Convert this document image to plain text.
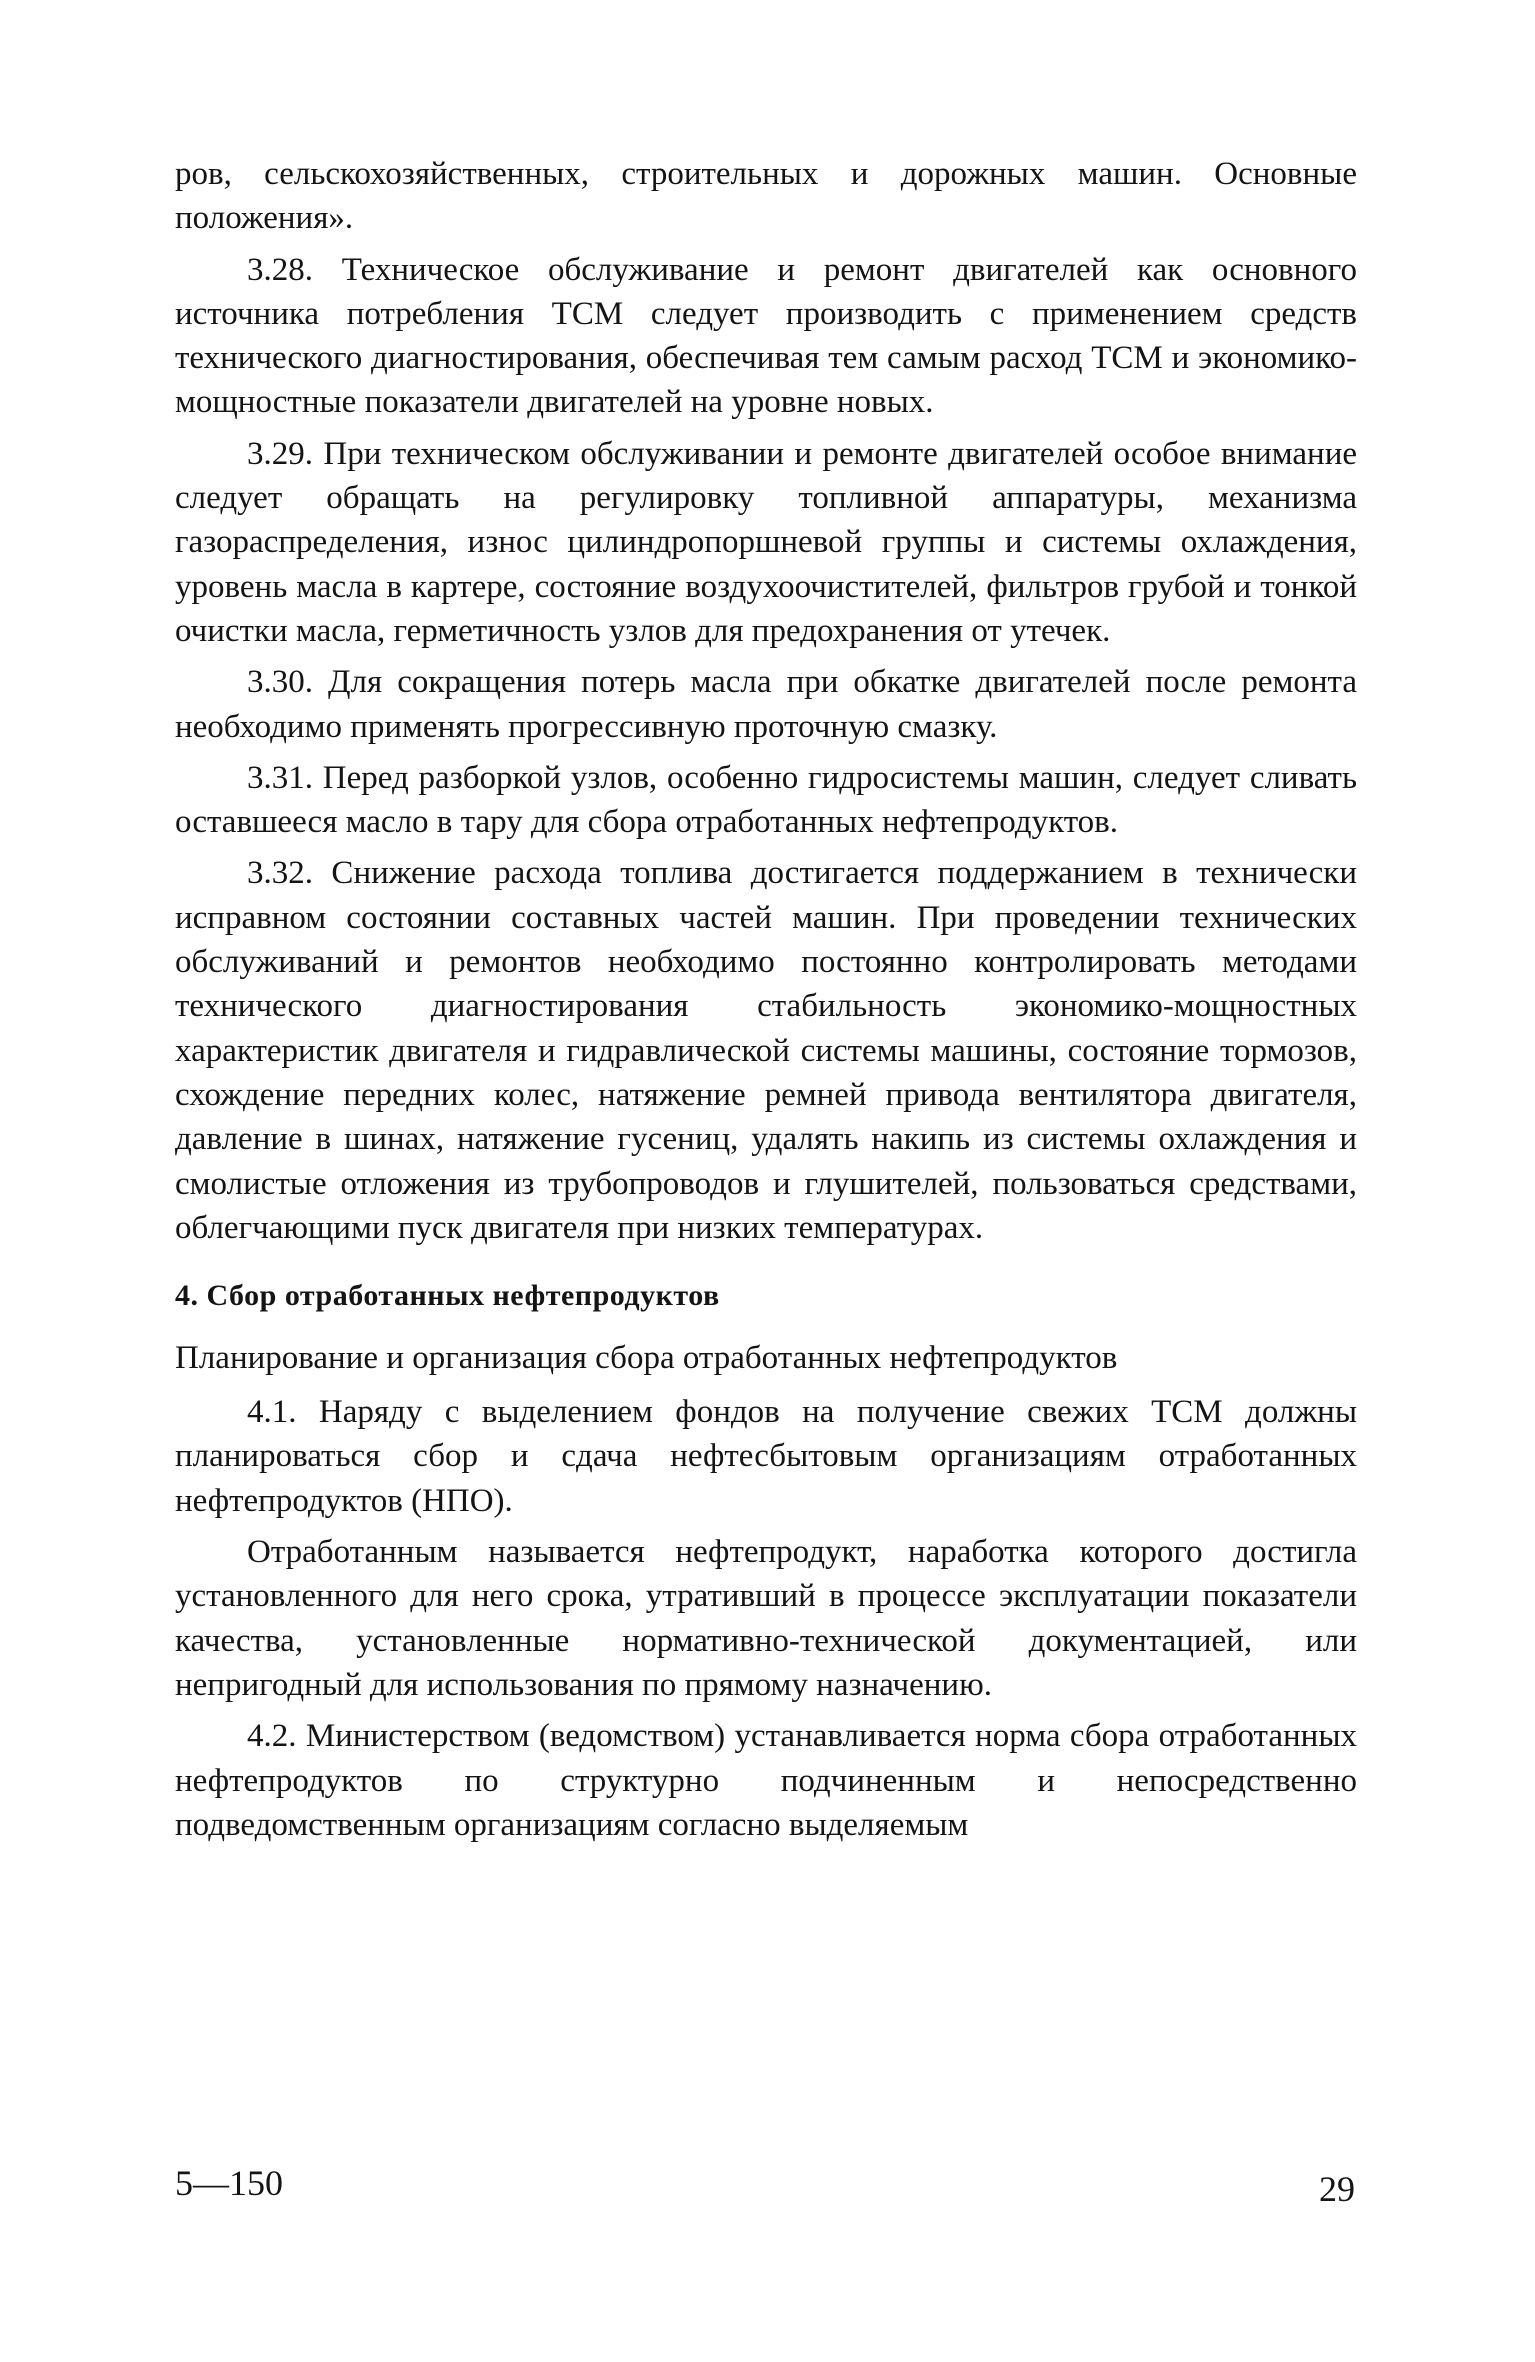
ров, сельскохозяйственных, строительных и дорожных машин. Основные положения».

3.28. Техническое обслуживание и ремонт двигателей как основного источника потребления ТСМ следует производить с применением средств технического диагностирования, обеспечивая тем самым расход ТСМ и экономико-мощностные показатели двигателей на уровне новых.

3.29. При техническом обслуживании и ремонте двигателей особое внимание следует обращать на регулировку топливной аппаратуры, механизма газораспределения, износ цилиндропоршневой группы и системы охлаждения, уровень масла в картере, состояние воздухоочистителей, фильтров грубой и тонкой очистки масла, герметичность узлов для предохранения от утечек.

3.30. Для сокращения потерь масла при обкатке двигателей после ремонта необходимо применять прогрессивную проточную смазку.

3.31. Перед разборкой узлов, особенно гидросистемы машин, следует сливать оставшееся масло в тару для сбора отработанных нефтепродуктов.

3.32. Снижение расхода топлива достигается поддержанием в технически исправном состоянии составных частей машин. При проведении технических обслуживаний и ремонтов необходимо постоянно контролировать методами технического диагностирования стабильность экономико-мощностных характеристик двигателя и гидравлической системы машины, состояние тормозов, схождение передних колес, натяжение ремней привода вентилятора двигателя, давление в шинах, натяжение гусениц, удалять накипь из системы охлаждения и смолистые отложения из трубопроводов и глушителей, пользоваться средствами, облегчающими пуск двигателя при низких температурах.

4. Сбор отработанных нефтепродуктов
Планирование и организация сбора отработанных нефтепродуктов

4.1. Наряду с выделением фондов на получение свежих ТСМ должны планироваться сбор и сдача нефтесбытовым организациям отработанных нефтепродуктов (НПО).

Отработанным называется нефтепродукт, наработка которого достигла установленного для него срока, утративший в процессе эксплуатации показатели качества, установленные нормативно-технической документацией, или непригодный для использования по прямому назначению.

4.2. Министерством (ведомством) устанавливается норма сбора отработанных нефтепродуктов по структурно подчиненным и непосредственно подведомственным организациям согласно выделяемым

5—150	29
